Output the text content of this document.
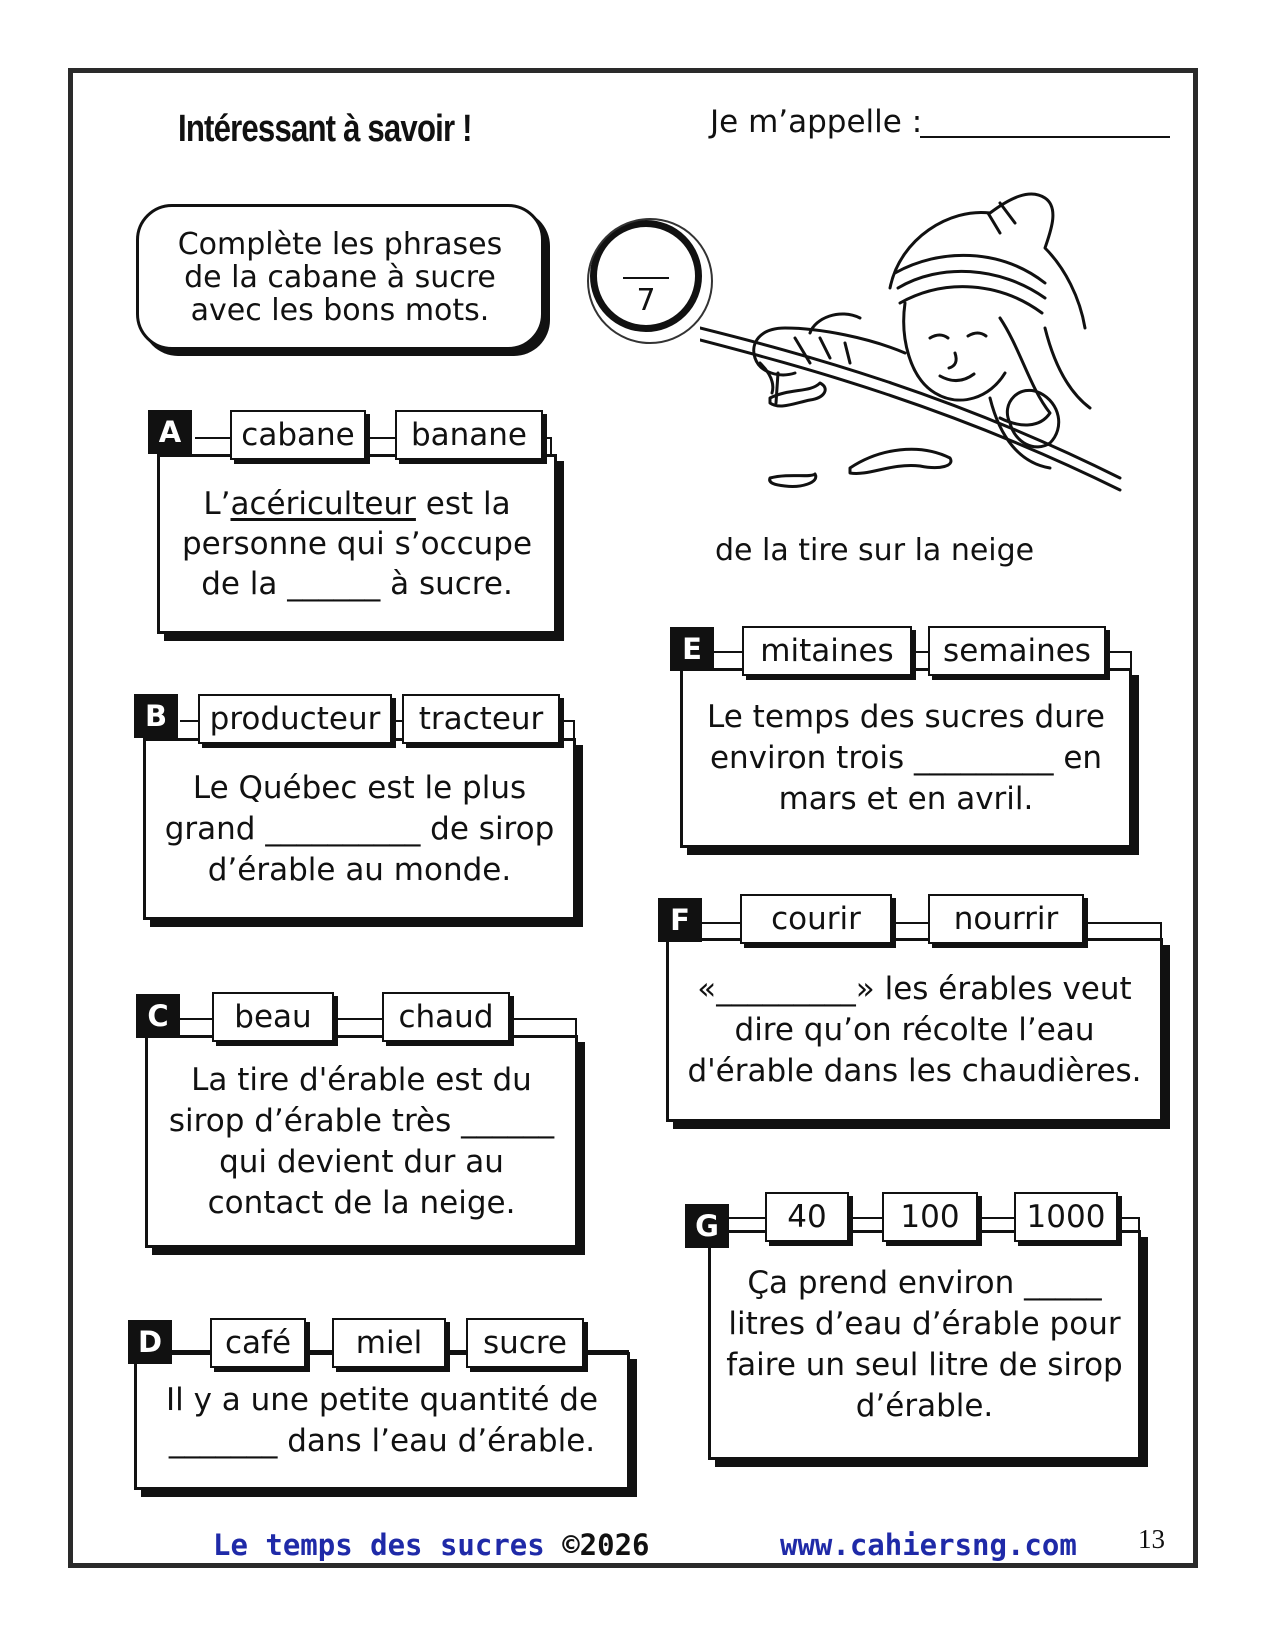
Intéressant à savoir !	Je m’appelle :
Complète les phrases de la cabane à sucre avec les bons mots.	7
de la tire sur la neige
L’acériculteur est la personne qui s’occupe de la ______ à sucre.
A	cabane	banane
Le Québec est le plus grand __________ de sirop d’érable au monde.
B	producteur	tracteur
La tire d'érable est du sirop d’érable très ______ qui devient dur au contact de la neige.
C	beau	chaud
Il y a une petite quantité de _______ dans l’eau d’érable.
D	café	miel	sucre
Le temps des sucres dure environ trois _________ en mars et en avril.
E	mitaines	semaines
«_________» les érables veut dire qu’on récolte l’eau d'érable dans les chaudières.
F	courir	nourrir
Ça prend environ _____ litres d’eau d’érable pour faire un seul litre de sirop d’érable.
G	40	100	1000
Le temps des sucres ©2026	www.cahiersng.com 13
